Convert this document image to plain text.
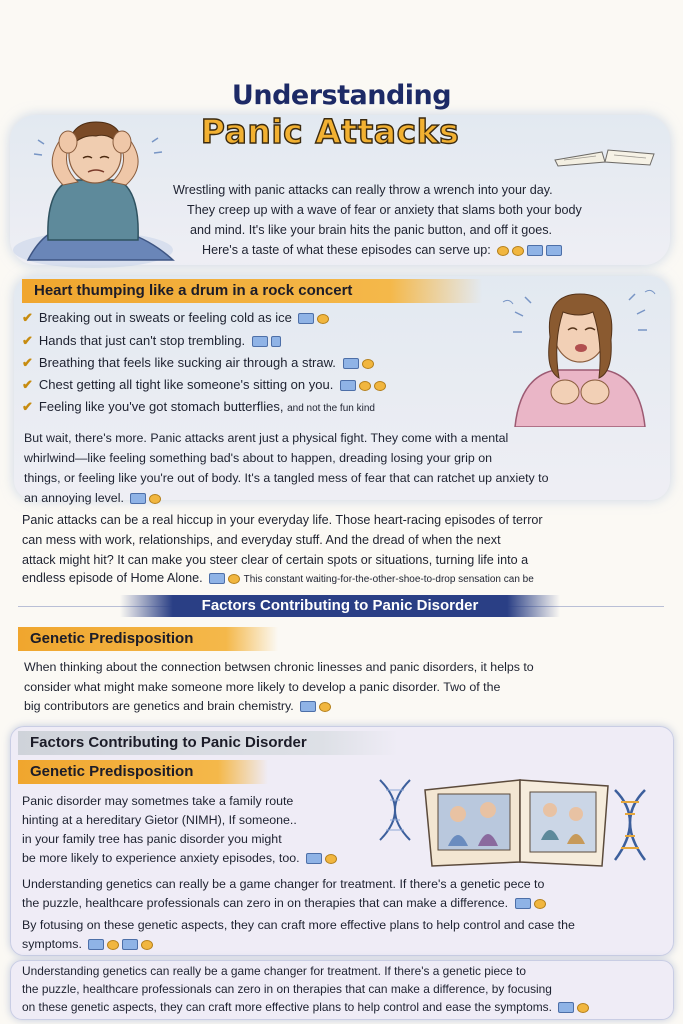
Understanding
Panic Attacks
Wrestling with panic attacks can really throw a wrench into your day.
They creep up with a wave of fear or anxiety that slams both your body
and mind. It's like your brain hits the panic button, and off it goes.
Here's a taste of what these episodes can serve up:
Heart thumping like a drum in a rock concert
✔ Breaking out in sweats or feeling cold as ice
✔ Hands that just can't stop trembling.
✔ Breathing that feels like sucking air through a straw.
✔ Chest getting all tight like someone's sitting on you.
✔ Feeling like you've got stomach butterflies, and not the fun kind
But wait, there's more. Panic attacks arent just a physical fight. They come with a mental
whirlwind—like feeling something bad's about to happen, dreading losing your grip on
things, or feeling like you're out of body. It's a tangled mess of fear that can ratchet up anxiety to
an annoying level.
Panic attacks can be a real hiccup in your everyday life. Those heart-racing episodes of terror
can mess with work, relationships, and everyday stuff. And the dread of when the next
attack might hit? It can make you steer clear of certain spots or situations, turning life into a
endless episode of Home Alone.	This constant waiting-for-the-other-shoe-to-drop sensation can be
Factors Contributing to Panic Disorder
Genetic Predisposition
When thinking about the connection betwsen chronic linesses and panic disorders, it helps to
consider what might make someone more likely to develop a panic disorder. Two of the
big contributors are genetics and brain chemistry.
Factors Contributing to Panic Disorder
Genetic Predisposition
Panic disorder may sometmes take a family route
hinting at a hereditary Gietor (NIMH), If someone..
in your family tree has panic disorder you might
be more likely to experience anxiety episodes, too.
Understanding genetics can really be a game changer for treatment. If there's a genetic pece to
the puzzle, healthcare professionals can zero in on therapies that can make a difference.
By fotusing on these genetic aspects, they can craft more effective plans to help control and case the
symptoms.
Understanding genetics can really be a game changer for treatment. If there's a genetic piece to
the puzzle, healthcare professionals can zero in on therapies that can make a difference, by focusing
on these genetic aspects, they can craft more effective plans to help control and ease the symptoms.
